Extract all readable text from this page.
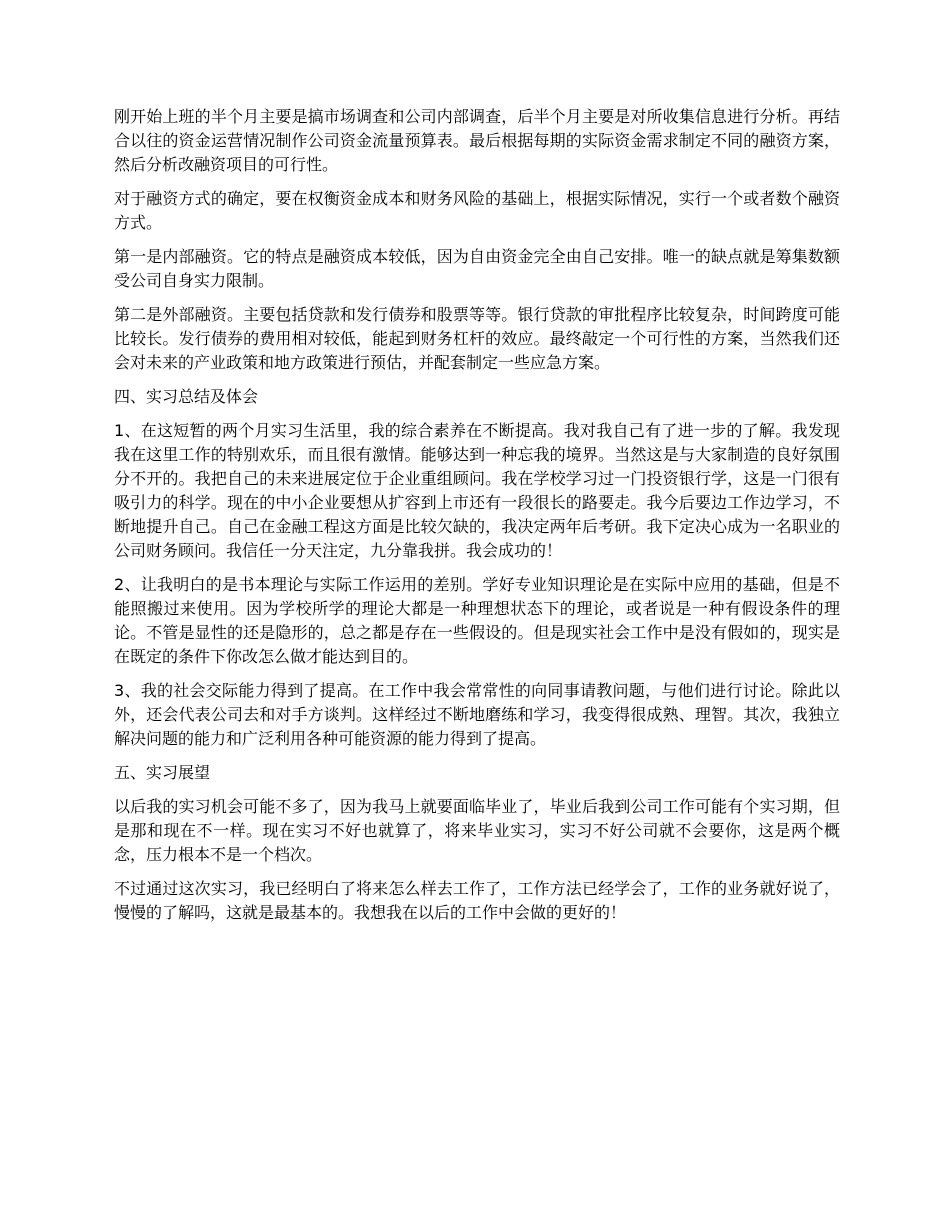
刚开始上班的半个月主要是搞市场调查和公司内部调查，后半个月主要是对所收集信息进行分析。再结合以往的资金运营情况制作公司资金流量预算表。最后根据每期的实际资金需求制定不同的融资方案，然后分析改融资项目的可行性。

对于融资方式的确定，要在权衡资金成本和财务风险的基础上，根据实际情况，实行一个或者数个融资方式。

第一是内部融资。它的特点是融资成本较低，因为自由资金完全由自己安排。唯一的缺点就是筹集数额受公司自身实力限制。

第二是外部融资。主要包括贷款和发行债券和股票等等。银行贷款的审批程序比较复杂，时间跨度可能比较长。发行债券的费用相对较低，能起到财务杠杆的效应。最终敲定一个可行性的方案，当然我们还会对未来的产业政策和地方政策进行预估，并配套制定一些应急方案。

四、实习总结及体会

1、在这短暂的两个月实习生活里，我的综合素养在不断提高。我对我自己有了进一步的了解。我发现我在这里工作的特别欢乐，而且很有激情。能够达到一种忘我的境界。当然这是与大家制造的良好氛围分不开的。我把自己的未来进展定位于企业重组顾问。我在学校学习过一门投资银行学，这是一门很有吸引力的科学。现在的中小企业要想从扩容到上市还有一段很长的路要走。我今后要边工作边学习，不断地提升自己。自己在金融工程这方面是比较欠缺的，我决定两年后考研。我下定决心成为一名职业的公司财务顾问。我信任一分天注定，九分靠我拼。我会成功的！

2、让我明白的是书本理论与实际工作运用的差别。学好专业知识理论是在实际中应用的基础，但是不能照搬过来使用。因为学校所学的理论大都是一种理想状态下的理论，或者说是一种有假设条件的理论。不管是显性的还是隐形的，总之都是存在一些假设的。但是现实社会工作中是没有假如的，现实是在既定的条件下你改怎么做才能达到目的。

3、我的社会交际能力得到了提高。在工作中我会常常性的向同事请教问题，与他们进行讨论。除此以外，还会代表公司去和对手方谈判。这样经过不断地磨练和学习，我变得很成熟、理智。其次，我独立解决问题的能力和广泛利用各种可能资源的能力得到了提高。

五、实习展望

以后我的实习机会可能不多了，因为我马上就要面临毕业了，毕业后我到公司工作可能有个实习期，但是那和现在不一样。现在实习不好也就算了，将来毕业实习，实习不好公司就不会要你，这是两个概念，压力根本不是一个档次。

不过通过这次实习，我已经明白了将来怎么样去工作了，工作方法已经学会了，工作的业务就好说了，慢慢的了解吗，这就是最基本的。我想我在以后的工作中会做的更好的！
